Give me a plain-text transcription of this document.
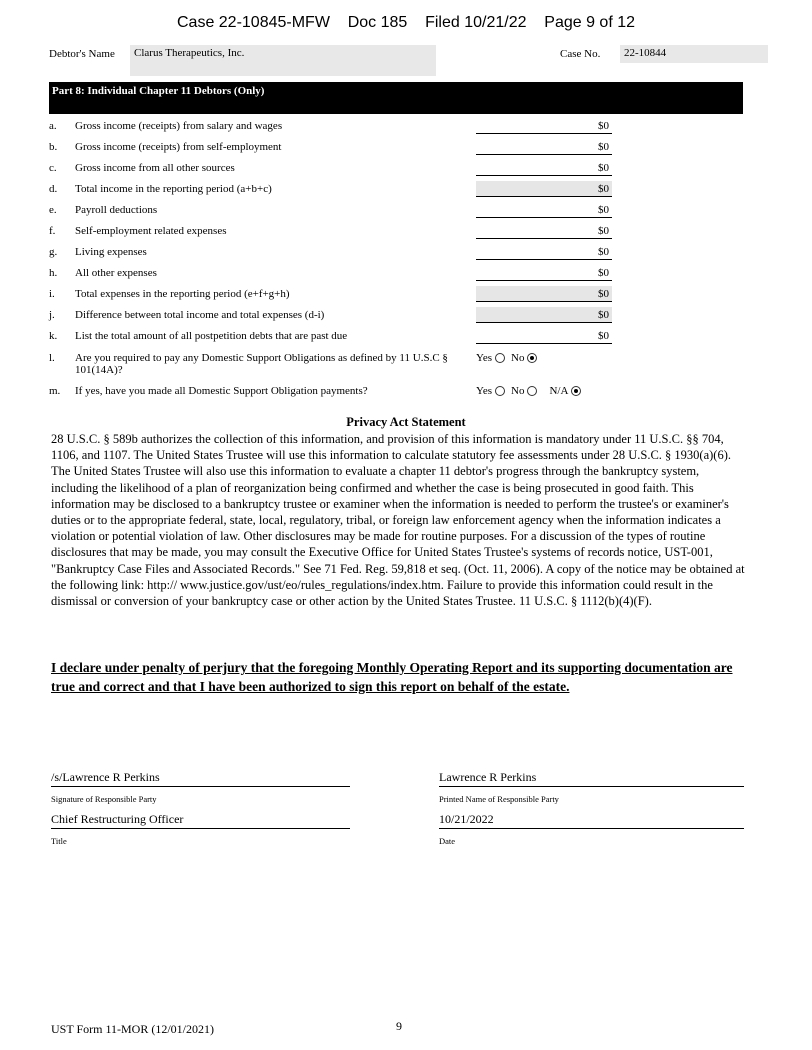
Case 22-10845-MFW    Doc 185    Filed 10/21/22    Page 9 of 12
Debtor's Name	Clarus Therapeutics, Inc.	Case No.	22-10844
Part 8: Individual Chapter 11 Debtors (Only)
a. Gross income (receipts) from salary and wages	$0
b. Gross income (receipts) from self-employment	$0
c. Gross income from all other sources	$0
d. Total income in the reporting period (a+b+c)	$0
e. Payroll deductions	$0
f. Self-employment related expenses	$0
g. Living expenses	$0
h. All other expenses	$0
i. Total expenses in the reporting period (e+f+g+h)	$0
j. Difference between total income and total expenses (d-i)	$0
k. List the total amount of all postpetition debts that are past due	$0
l. Are you required to pay any Domestic Support Obligations as defined by 11 U.S.C § 101(14A)?
Yes No
m. If yes, have you made all Domestic Support Obligation payments?	Yes No N/A
Privacy Act Statement
28 U.S.C. § 589b authorizes the collection of this information, and provision of this information is mandatory under 11 U.S.C. §§ 704, 1106, and 1107. The United States Trustee will use this information to calculate statutory fee assessments under 28 U.S.C. § 1930(a)(6). The United States Trustee will also use this information to evaluate a chapter 11 debtor's progress through the bankruptcy system, including the likelihood of a plan of reorganization being confirmed and whether the case is being prosecuted in good faith. This information may be disclosed to a bankruptcy trustee or examiner when the information is needed to perform the trustee's or examiner's duties or to the appropriate federal, state, local, regulatory, tribal, or foreign law enforcement agency when the information indicates a violation or potential violation of law. Other disclosures may be made for routine purposes. For a discussion of the types of routine disclosures that may be made, you may consult the Executive Office for United States Trustee's systems of records notice, UST-001, "Bankruptcy Case Files and Associated Records." See 71 Fed. Reg. 59,818 et seq. (Oct. 11, 2006). A copy of the notice may be obtained at the following link: http:// www.justice.gov/ust/eo/rules_regulations/index.htm. Failure to provide this information could result in the dismissal or conversion of your bankruptcy case or other action by the United States Trustee. 11 U.S.C. § 1112(b)(4)(F).
I declare under penalty of perjury that the foregoing Monthly Operating Report and its supporting documentation are true and correct and that I have been authorized to sign this report on behalf of the estate.
/s/Lawrence R Perkins
Signature of Responsible Party
Lawrence R Perkins
Printed Name of Responsible Party
Chief Restructuring Officer
Title
10/21/2022
Date
UST Form 11-MOR (12/01/2021)	9
